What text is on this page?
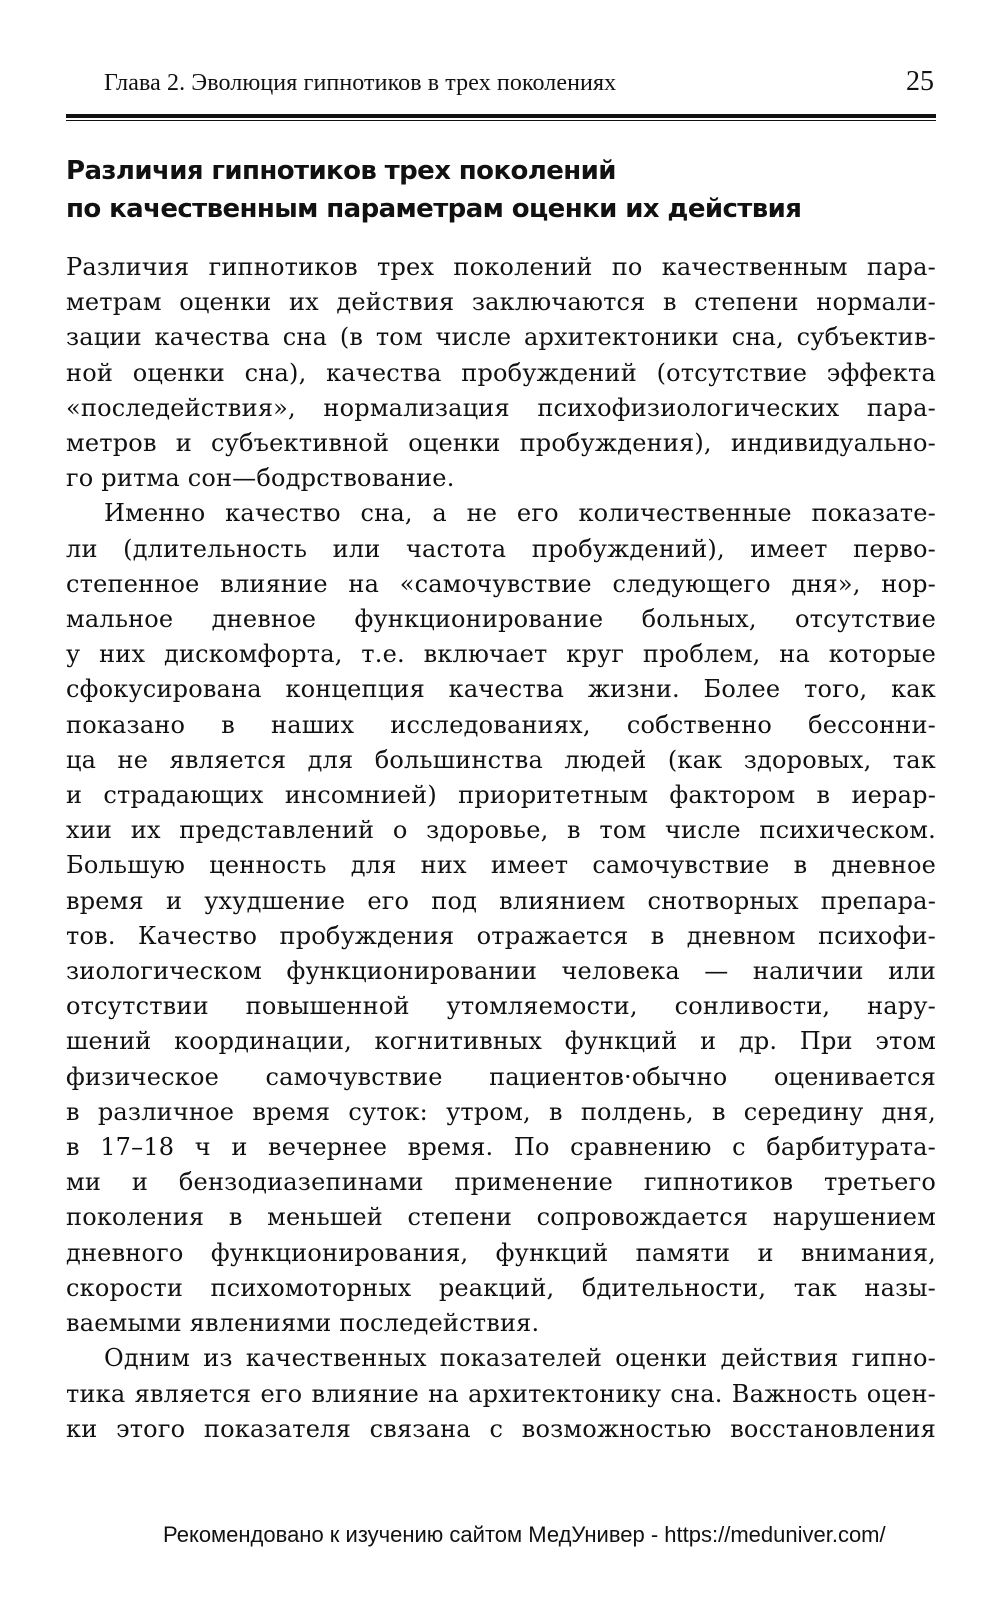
Глава 2. Эволюция гипнотиков в трех поколениях	25
Различия гипнотиков трех поколений
по качественным параметрам оценки их действия

Различия гипнотиков трех поколений по качественным пара-
метрам оценки их действия заключаются в степени нормали-
зации качества сна (в том числе архитектоники сна, субъектив-
ной оценки сна), качества пробуждений (отсутствие эффекта
«последействия», нормализация психофизиологических пара-
метров и субъективной оценки пробуждения), индивидуально-
го ритма сон—бодрствование.

Именно качество сна, а не его количественные показате-
ли (длительность или частота пробуждений), имеет перво-
степенное влияние на «самочувствие следующего дня», нор-
мальное дневное функционирование больных, отсутствие
у них дискомфорта, т.е. включает круг проблем, на которые
сфокусирована концепция качества жизни. Более того, как
показано в наших исследованиях, собственно бессонни-
ца не является для большинства людей (как здоровых, так
и страдающих инсомнией) приоритетным фактором в иерар-
хии их представлений о здоровье, в том числе психическом.
Большую ценность для них имеет самочувствие в дневное
время и ухудшение его под влиянием снотворных препара-
тов. Качество пробуждения отражается в дневном психофи-
зиологическом функционировании человека — наличии или
отсутствии повышенной утомляемости, сонливости, нару-
шений координации, когнитивных функций и др. При этом
физическое самочувствие пациентов·обычно оценивается
в различное время суток: утром, в полдень, в середину дня,
в 17–18 ч и вечернее время. По сравнению с барбитурата-
ми и бензодиазепинами применение гипнотиков третьего
поколения в меньшей степени сопровождается нарушением
дневного функционирования, функций памяти и внимания,
скорости психомоторных реакций, бдительности, так назы-
ваемыми явлениями последействия.

Одним из качественных показателей оценки действия гипно-
тика является его влияние на архитектонику сна. Важность оцен-
ки этого показателя связана с возможностью восстановления

Рекомендовано к изучению сайтом МедУнивер - https://meduniver.com/
